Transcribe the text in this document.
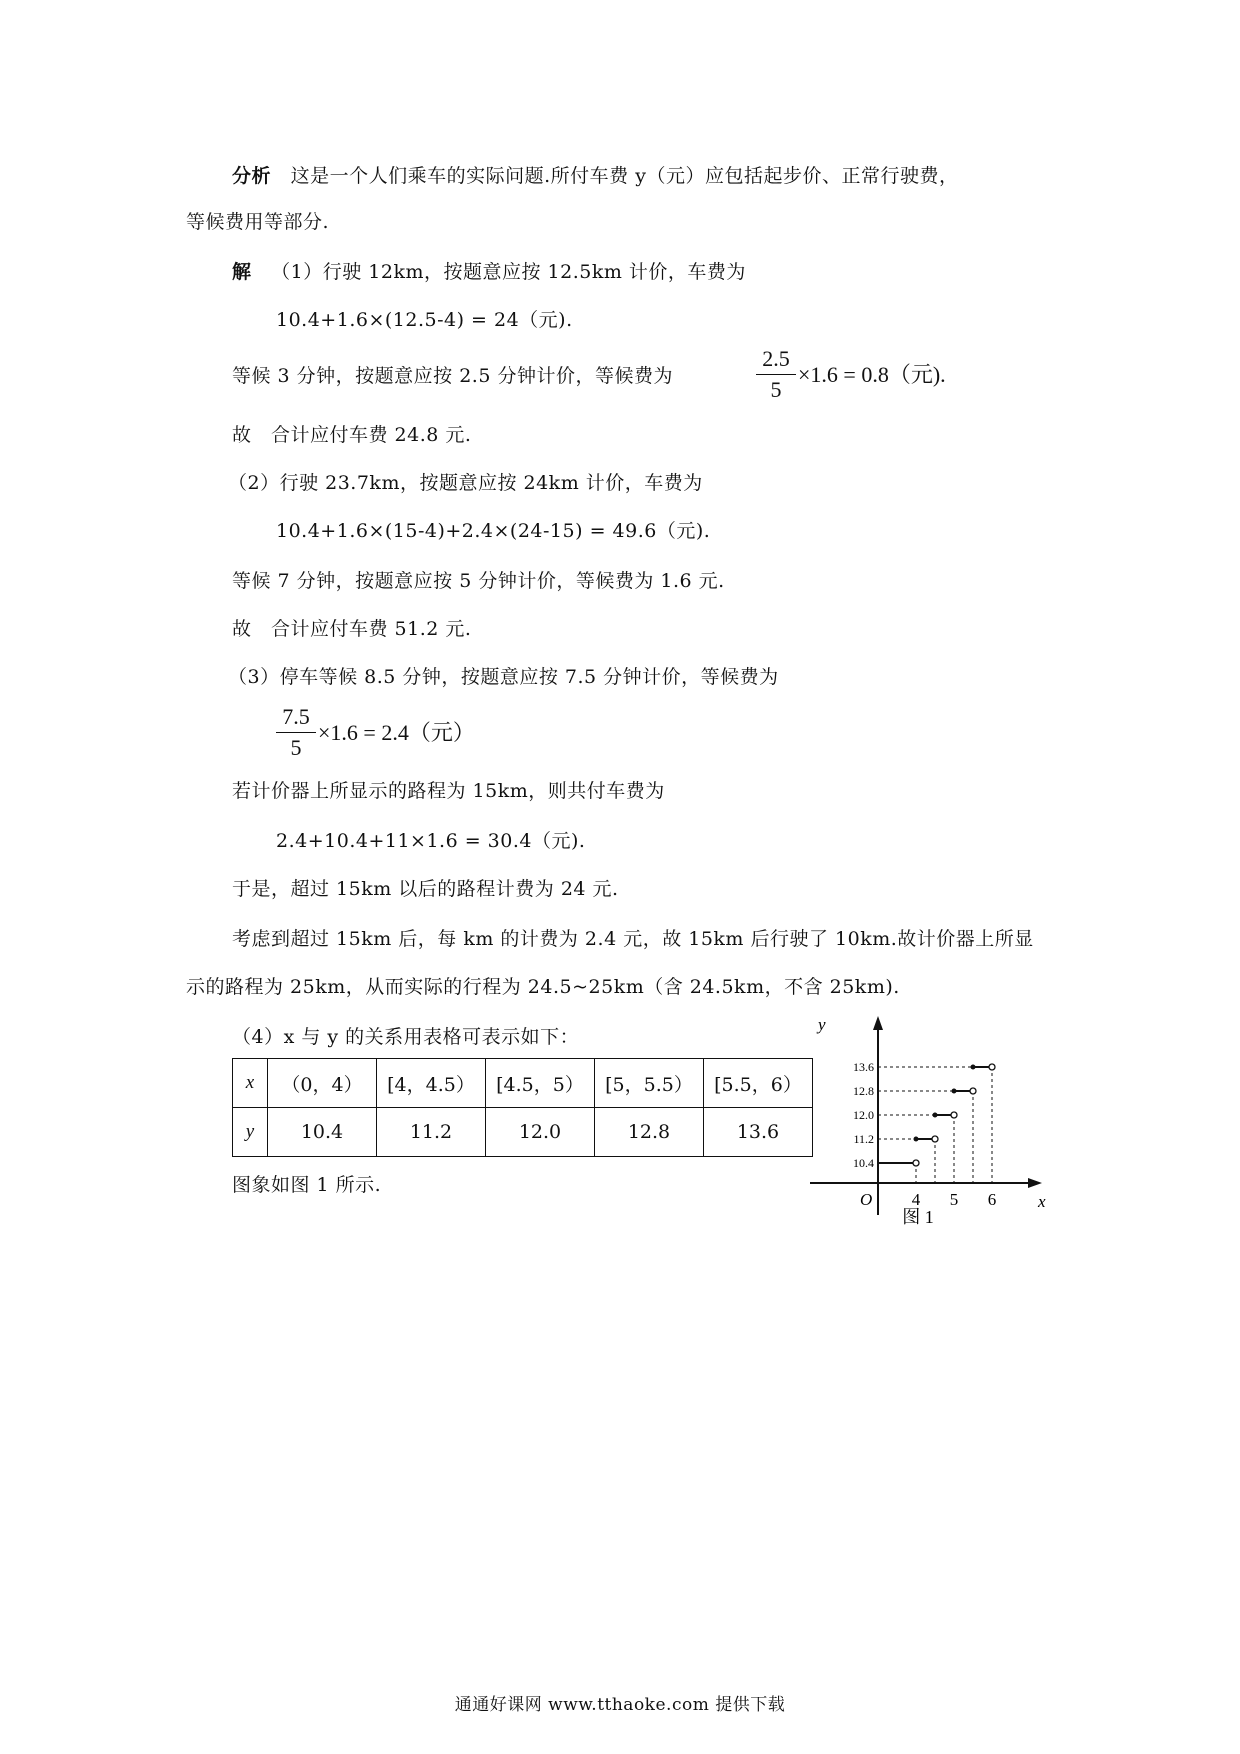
分析 这是一个人们乘车的实际问题.所付车费 y（元）应包括起步价、正常行驶费，
等候费用等部分.
解 （1）行驶 12km，按题意应按 12.5km 计价，车费为
10.4+1.6×(12.5-4) = 24（元).
等候 3 分钟，按题意应按 2.5 分钟计价，等候费为
2.5
5
×1.6 = 0.8（元).
故　合计应付车费 24.8 元.
（2）行驶 23.7km，按题意应按 24km 计价，车费为
10.4+1.6×(15-4)+2.4×(24-15) = 49.6（元).
等候 7 分钟，按题意应按 5 分钟计价，等候费为 1.6 元.
故　合计应付车费 51.2 元.
（3）停车等候 8.5 分钟，按题意应按 7.5 分钟计价，等候费为
7.5
5
×1.6 = 2.4（元）
若计价器上所显示的路程为 15km，则共付车费为
2.4+10.4+11×1.6 = 30.4（元).
于是，超过 15km 以后的路程计费为 24 元.
考虑到超过 15km 后，每 km 的计费为 2.4 元，故 15km 后行驶了 10km.故计价器上所显
示的路程为 25km，从而实际的行程为 24.5~25km（含 24.5km，不含 25km).
（4）x 与 y 的关系用表格可表示如下：
x	（0，4）	[4，4.5）	[4.5，5）	[5，5.5）	[5.5，6）
y	10.4	11.2	12.0	12.8	13.6
图象如图 1 所示.
10.4
11.2
12.0
12.8
13.6
4 5 6
y
x
O
图 1
通通好课网 www.tthaoke.com 提供下载
